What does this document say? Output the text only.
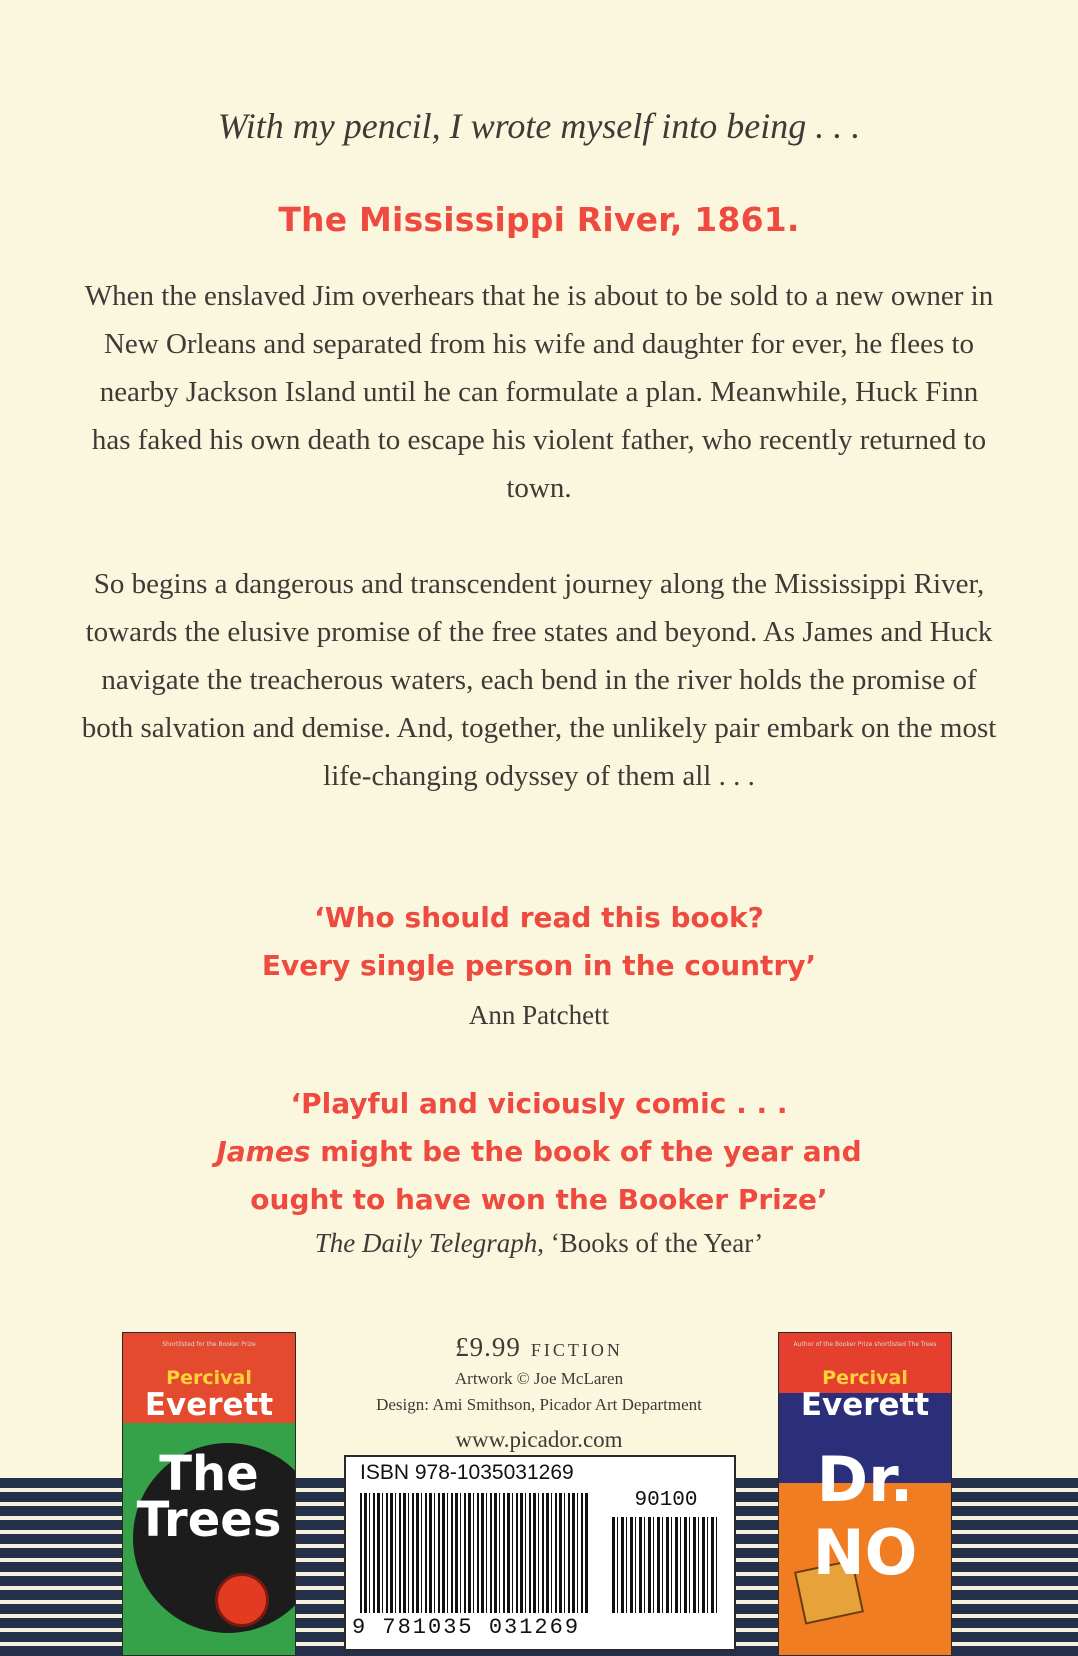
With my pencil, I wrote myself into being . . .
The Mississippi River, 1861.
When the enslaved Jim overhears that he is about to be sold to a new owner in New Orleans and separated from his wife and daughter for ever, he flees to nearby Jackson Island until he can formulate a plan. Meanwhile, Huck Finn has faked his own death to escape his violent father, who recently returned to town.
So begins a dangerous and transcendent journey along the Mississippi River, towards the elusive promise of the free states and beyond. As James and Huck navigate the treacherous waters, each bend in the river holds the promise of both salvation and demise. And, together, the unlikely pair embark on the most life-changing odyssey of them all . . .
‘Who should read this book?
Every single person in the country’
Ann Patchett
‘Playful and viciously comic . . .
James might be the book of the year and
ought to have won the Booker Prize’
The Daily Telegraph, ‘Books of the Year’
Shortlisted for the Booker Prize
Percival
Everett
The
Trees
£9.99 FICTION
Artwork © Joe McLaren
Design: Ami Smithson, Picador Art Department
www.picador.com
ISBN 978-1035031269
90100
9 781035 031269
Author of the Booker Prize shortlisted The Trees
Percival
Everett
Dr.
NO
